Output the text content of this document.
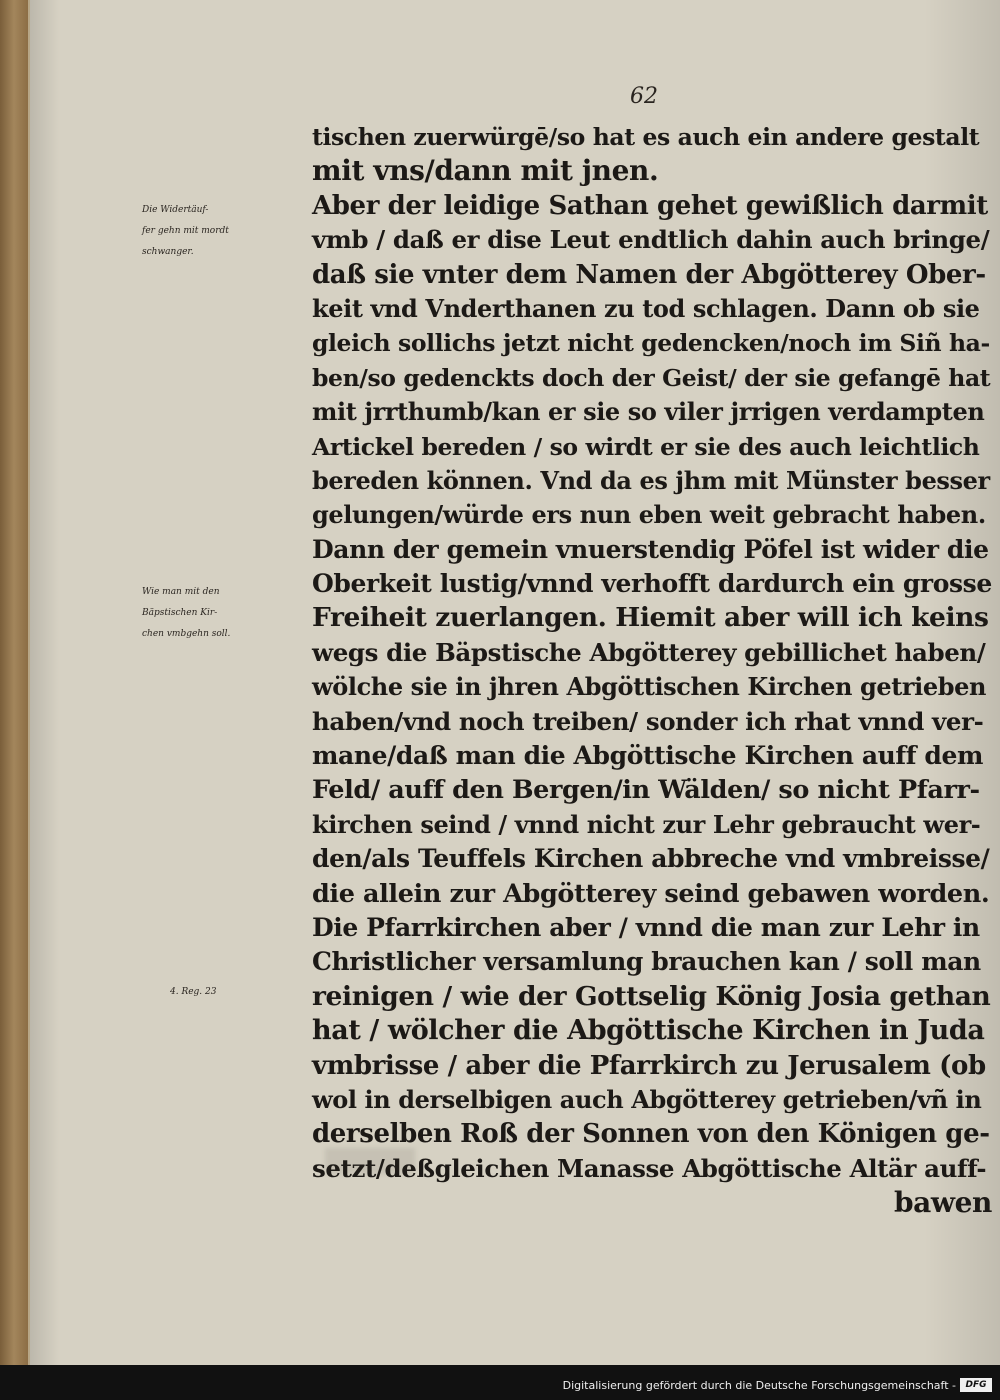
62
Die Widertäuf-
fer gehn mit mordt
schwanger.
Wie man mit den
Bäpstischen Kir-
chen vmbgehn soll.
4. Reg. 23
tischen zuerwürgē/so hat es auch ein andere gestalt
mit vns/dann mit jnen.
Aber der leidige Sathan gehet gewißlich darmit
vmb / daß er dise Leut endtlich dahin auch bringe/
daß sie vnter dem Namen der Abgötterey Ober-
keit vnd Vnderthanen zu tod schlagen. Dann ob sie
gleich sollichs jetzt nicht gedencken/noch im Siñ ha-
ben/so gedenckts doch der Geist/ der sie gefangē hat
mit jrrthumb/kan er sie so viler jrrigen verdampten
Artickel bereden / so wirdt er sie des auch leichtlich
bereden können. Vnd da es jhm mit Münster besser
gelungen/würde ers nun eben weit gebracht haben.
Dann der gemein vnuerstendig Pöfel ist wider die
Oberkeit lustig/vnnd verhofft dardurch ein grosse
Freiheit zuerlangen. Hiemit aber will ich keins
wegs die Bäpstische Abgötterey gebillichet haben/
wölche sie in jhren Abgöttischen Kirchen getrieben
haben/vnd noch treiben/ sonder ich rhat vnnd ver-
mane/daß man die Abgöttische Kirchen auff dem
Feld/ auff den Bergen/in Wälden/ so nicht Pfarr-
kirchen seind / vnnd nicht zur Lehr gebraucht wer-
den/als Teuffels Kirchen abbreche vnd vmbreisse/
die allein zur Abgötterey seind gebawen worden.
Die Pfarrkirchen aber / vnnd die man zur Lehr in
Christlicher versamlung brauchen kan / soll man
reinigen / wie der Gottselig König Josia gethan
hat / wölcher die Abgöttische Kirchen in Juda
vmbrisse / aber die Pfarrkirch zu Jerusalem (ob
wol in derselbigen auch Abgötterey getrieben/vñ in
derselben Roß der Sonnen von den Königen ge-
setzt/deßgleichen Manasse Abgöttische Altär auff-
bawen
Digitalisierung gefördert durch die Deutsche Forschungsgemeinschaft -	DFG
